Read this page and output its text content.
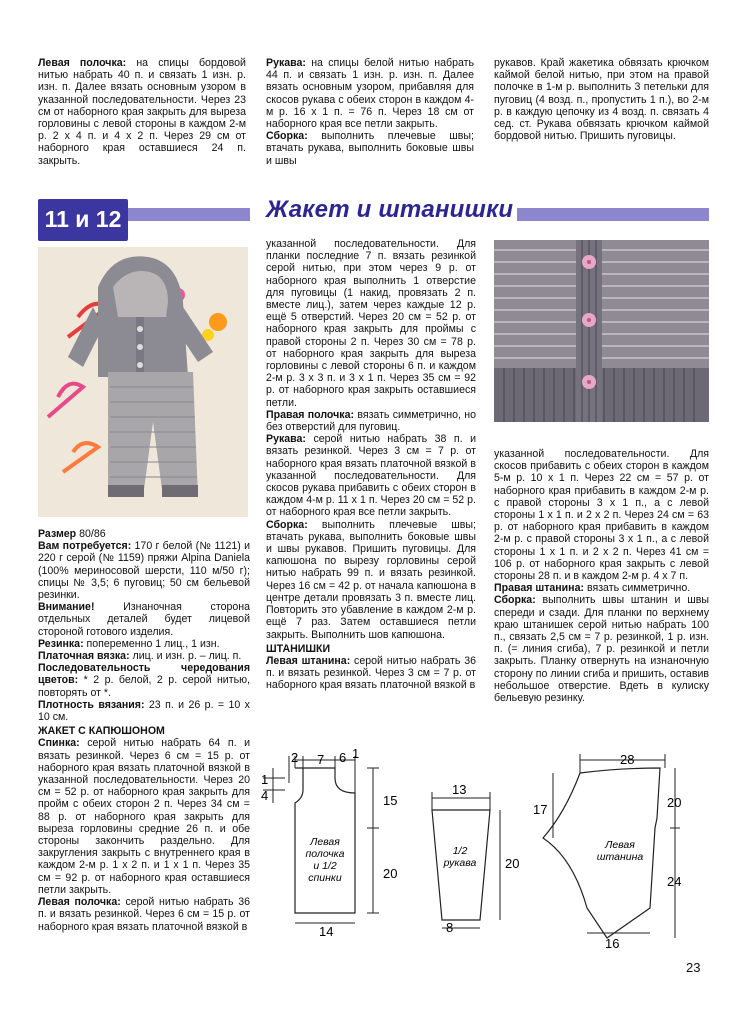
Левая полочка: на спицы бордовой нитью набрать 40 п. и связать 1 изн. р. изн. п. Далее вязать основным узором в указанной последовательности. Через 23 см от наборного края закрыть для выреза горловины с левой стороны в каждом 2-м р. 2 х 4 п. и 4 х 2 п. Через 29 см от наборного края оставшиеся 24 п. закрыть.

Рукава: на спицы белой нитью набрать 44 п. и связать 1 изн. р. изн. п. Далее вязать основным узором, прибавляя для скосов рукава с обеих сторон в каждом 4-м р. 16 х 1 п. = 76 п. Через 18 см от наборного края все петли закрыть.

Сборка: выполнить плечевые швы; втачать рукава, выполнить боковые швы и швы

рукавов. Край жакетика обвязать крючком каймой белой нитью, при этом на правой полочке в 1-м р. выполнить 3 петельки для пуговиц (4 возд. п., пропустить 1 п.), во 2-м р. в каждую цепочку из 4 возд. п. связать 4 сед. ст. Рукава обвязать крючком каймой бордовой нитью. Пришить пуговицы.

11 и 12	Жакет и штанишки

Размер 80/86

Вам потребуется: 170 г белой (№ 1121) и 220 г серой (№ 1159) пряжи Alpina Daniela (100% мериносовой шерсти, 110 м/50 г); спицы № 3,5; 6 пуговиц; 50 см бельевой резинки.

Внимание! Изнаночная сторона отдельных деталей будет лицевой стороной готового изделия.

Резинка: попеременно 1 лиц., 1 изн.

Платочная вязка: лиц. и изн. р. – лиц. п.

Последовательность чередования цветов: * 2 р. белой, 2 р. серой нитью, повторять от *.

Плотность вязания: 23 п. и 26 р. = 10 х 10 см.

ЖАКЕТ С КАПЮШОНОМ

Спинка: серой нитью набрать 64 п. и вязать резинкой. Через 6 см = 15 р. от наборного края вязать платочной вязкой в указанной последовательности. Через 20 см = 52 р. от наборного края закрыть для пройм с обеих сторон 2 п. Через 34 см = 88 р. от наборного края закрыть для выреза горловины средние 26 п. и обе стороны закончить раздельно. Для закругления закрыть с внутреннего края в каждом 2-м р. 1 х 2 п. и 1 х 1 п. Через 35 см = 92 р. от наборного края оставшиеся петли закрыть.

Левая полочка: серой нитью набрать 36 п. и вязать резинкой. Через 6 см = 15 р. от наборного края вязать платочной вязкой в

указанной последовательности. Для планки последние 7 п. вязать резинкой серой нитью, при этом через 9 р. от наборного края выполнить 1 отверстие для пуговицы (1 накид, провязать 2 п. вместе лиц.), затем через каждые 12 р. ещё 5 отверстий. Через 20 см = 52 р. от наборного края закрыть для проймы с правой стороны 2 п. Через 30 см = 78 р. от наборного края закрыть для выреза горловины с левой стороны 6 п. и каждом 2-м р. 3 х 3 п. и 3 х 1 п. Через 35 см = 92 р. от наборного края закрыть оставшиеся петли.

Правая полочка: вязать симметрично, но без отверстий для пуговиц.

Рукава: серой нитью набрать 38 п. и вязать резинкой. Через 3 см = 7 р. от наборного края вязать платочной вязкой в указанной последовательности. Для скосов рукава прибавить с обеих сторон в каждом 4-м р. 11 х 1 п. Через 20 см = 52 р. от наборного края все петли закрыть.

Сборка: выполнить плечевые швы; втачать рукава, выполнить боковые швы и швы рукавов. Пришить пуговицы. Для капюшона по вырезу горловины серой нитью набрать 99 п. и вязать резинкой. Через 16 см = 42 р. от начала капюшона в центре детали провязать 3 п. вместе лиц. Повторить это убавление в каждом 2-м р. ещё 7 раз. Затем оставшиеся петли закрыть. Выполнить шов капюшона.

ШТАНИШКИ

Левая штанина: серой нитью набрать 36 п. и вязать резинкой. Через 3 см = 7 р. от наборного края вязать платочной вязкой в

указанной последовательности. Для скосов прибавить с обеих сторон в каждом 5-м р. 10 х 1 п. Через 22 см = 57 р. от наборного края прибавить в каждом 2-м р. с правой стороны 3 х 1 п., а с левой стороны 1 х 1 п. и 2 х 2 п. Через 24 см = 63 р. от наборного края прибавить в каждом 2-м р. с правой стороны 3 х 1 п., а с левой стороны 1 х 1 п. и 2 х 2 п. Через 41 см = 106 р. от наборного края закрыть с левой стороны 28 п. и в каждом 2-м р. 4 х 7 п.

Правая штанина: вязать симметрично.

Сборка: выполнить швы штанин и швы спереди и сзади. Для планки по верхнему краю штанишек серой нитью набрать 100 п., связать 2,5 см = 7 р. резинкой, 1 р. изн. п. (= линия сгиба), 7 р. резинкой и петли закрыть. Планку отвернуть на изнаночную сторону по линии сгиба и пришить, оставив небольшое отверстие. Вдеть в кулиску бельевую резинку.

2 7 6 1
1
4	15
20
14
Левая
полочка
и 1/2
спинки
13
20
8
1/2
рукава
28
17	20
24
16
Левая
штанина
23
